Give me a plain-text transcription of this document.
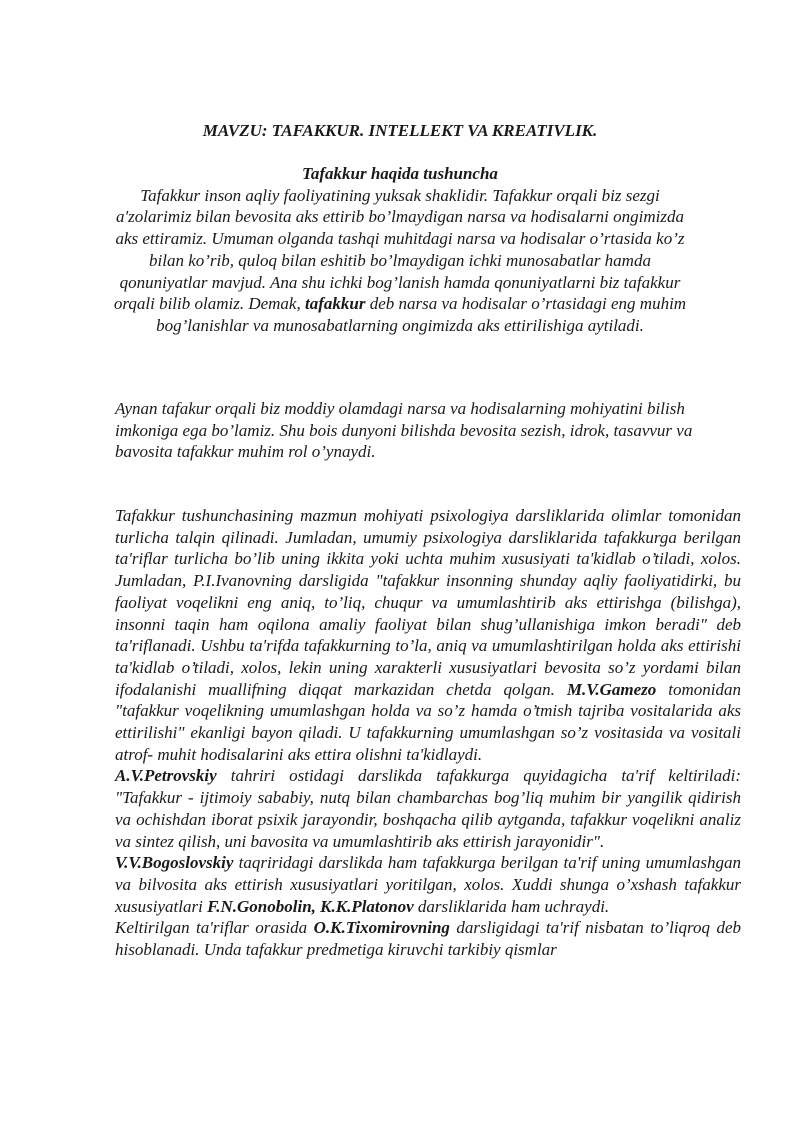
MAVZU: TAFAKKUR. INTELLEKT VA KREATIVLIK.
Tafakkur haqida tushuncha
Tafakkur inson aqliy faoliyatining yuksak shaklidir. Tafakkur orqali biz sezgi a'zolarimiz bilan bevosita aks ettirib bo’lmaydigan narsa va hodisalarni ongimizda aks ettiramiz. Umuman olganda tashqi muhitdagi narsa va hodisalar o’rtasida ko’z bilan ko’rib, quloq bilan eshitib bo’lmaydigan ichki munosabatlar hamda qonuniyatlar mavjud. Ana shu ichki bog’lanish hamda qonuniyatlarni biz tafakkur orqali bilib olamiz. Demak, tafakkur deb narsa va hodisalar o’rtasidagi eng muhim bog’lanishlar va munosabatlarning ongimizda aks ettirilishiga aytiladi.
Aynan tafakur orqali biz moddiy olamdagi narsa va hodisalarning mohiyatini bilish imkoniga ega bo’lamiz. Shu bois dunyoni bilishda bevosita sezish, idrok, tasavvur va bavosita tafakkur muhim rol o’ynaydi.

Tafakkur tushunchasining mazmun mohiyati psixologiya darsliklarida olimlar tomonidan turlicha talqin qilinadi. Jumladan, umumiy psixologiya darsliklarida tafakkurga berilgan ta'riflar turlicha bo’lib uning ikkita yoki uchta muhim xususiyati ta'kidlab o’tiladi, xolos. Jumladan, P.I.Ivanovning darsligida "tafakkur insonning shunday aqliy faoliyatidirki, bu faoliyat voqelikni eng aniq, to’liq, chuqur va umumlashtirib aks ettirishga (bilishga), insonni taqin ham oqilona amaliy faoliyat bilan shug’ullanishiga imkon beradi" deb ta'riflanadi. Ushbu ta'rifda tafakkurning to’la, aniq va umumlashtirilgan holda aks ettirishi ta'kidlab o’tiladi, xolos, lekin uning xarakterli xususiyatlari bevosita so’z yordami bilan ifodalanishi muallifning diqqat markazidan chetda qolgan. M.V.Gamezo tomonidan "tafakkur voqelikning umumlashgan holda va so’z hamda o’tmish tajriba vositalarida aks ettirilishi" ekanligi bayon qiladi. U tafakkurning umumlashgan so’z vositasida va vositali atrof- muhit hodisalarini aks ettira olishni ta'kidlaydi.

A.V.Petrovskiy tahriri ostidagi darslikda tafakkurga quyidagicha ta'rif keltiriladi: "Tafakkur - ijtimoiy sababiy, nutq bilan chambarchas bog’liq muhim bir yangilik qidirish va ochishdan iborat psixik jarayondir, boshqacha qilib aytganda, tafakkur voqelikni analiz va sintez qilish, uni bavosita va umumlashtirib aks ettirish jarayonidir".

V.V.Bogoslovskiy taqriridagi darslikda ham tafakkurga berilgan ta'rif uning umumlashgan va bilvosita aks ettirish xususiyatlari yoritilgan, xolos. Xuddi shunga o’xshash tafakkur xususiyatlari F.N.Gonobolin, K.K.Platonov darsliklarida ham uchraydi.

Keltirilgan ta'riflar orasida O.K.Tixomirovning darsligidagi ta'rif nisbatan to’liqroq deb hisoblanadi. Unda tafakkur predmetiga kiruvchi tarkibiy qismlar
